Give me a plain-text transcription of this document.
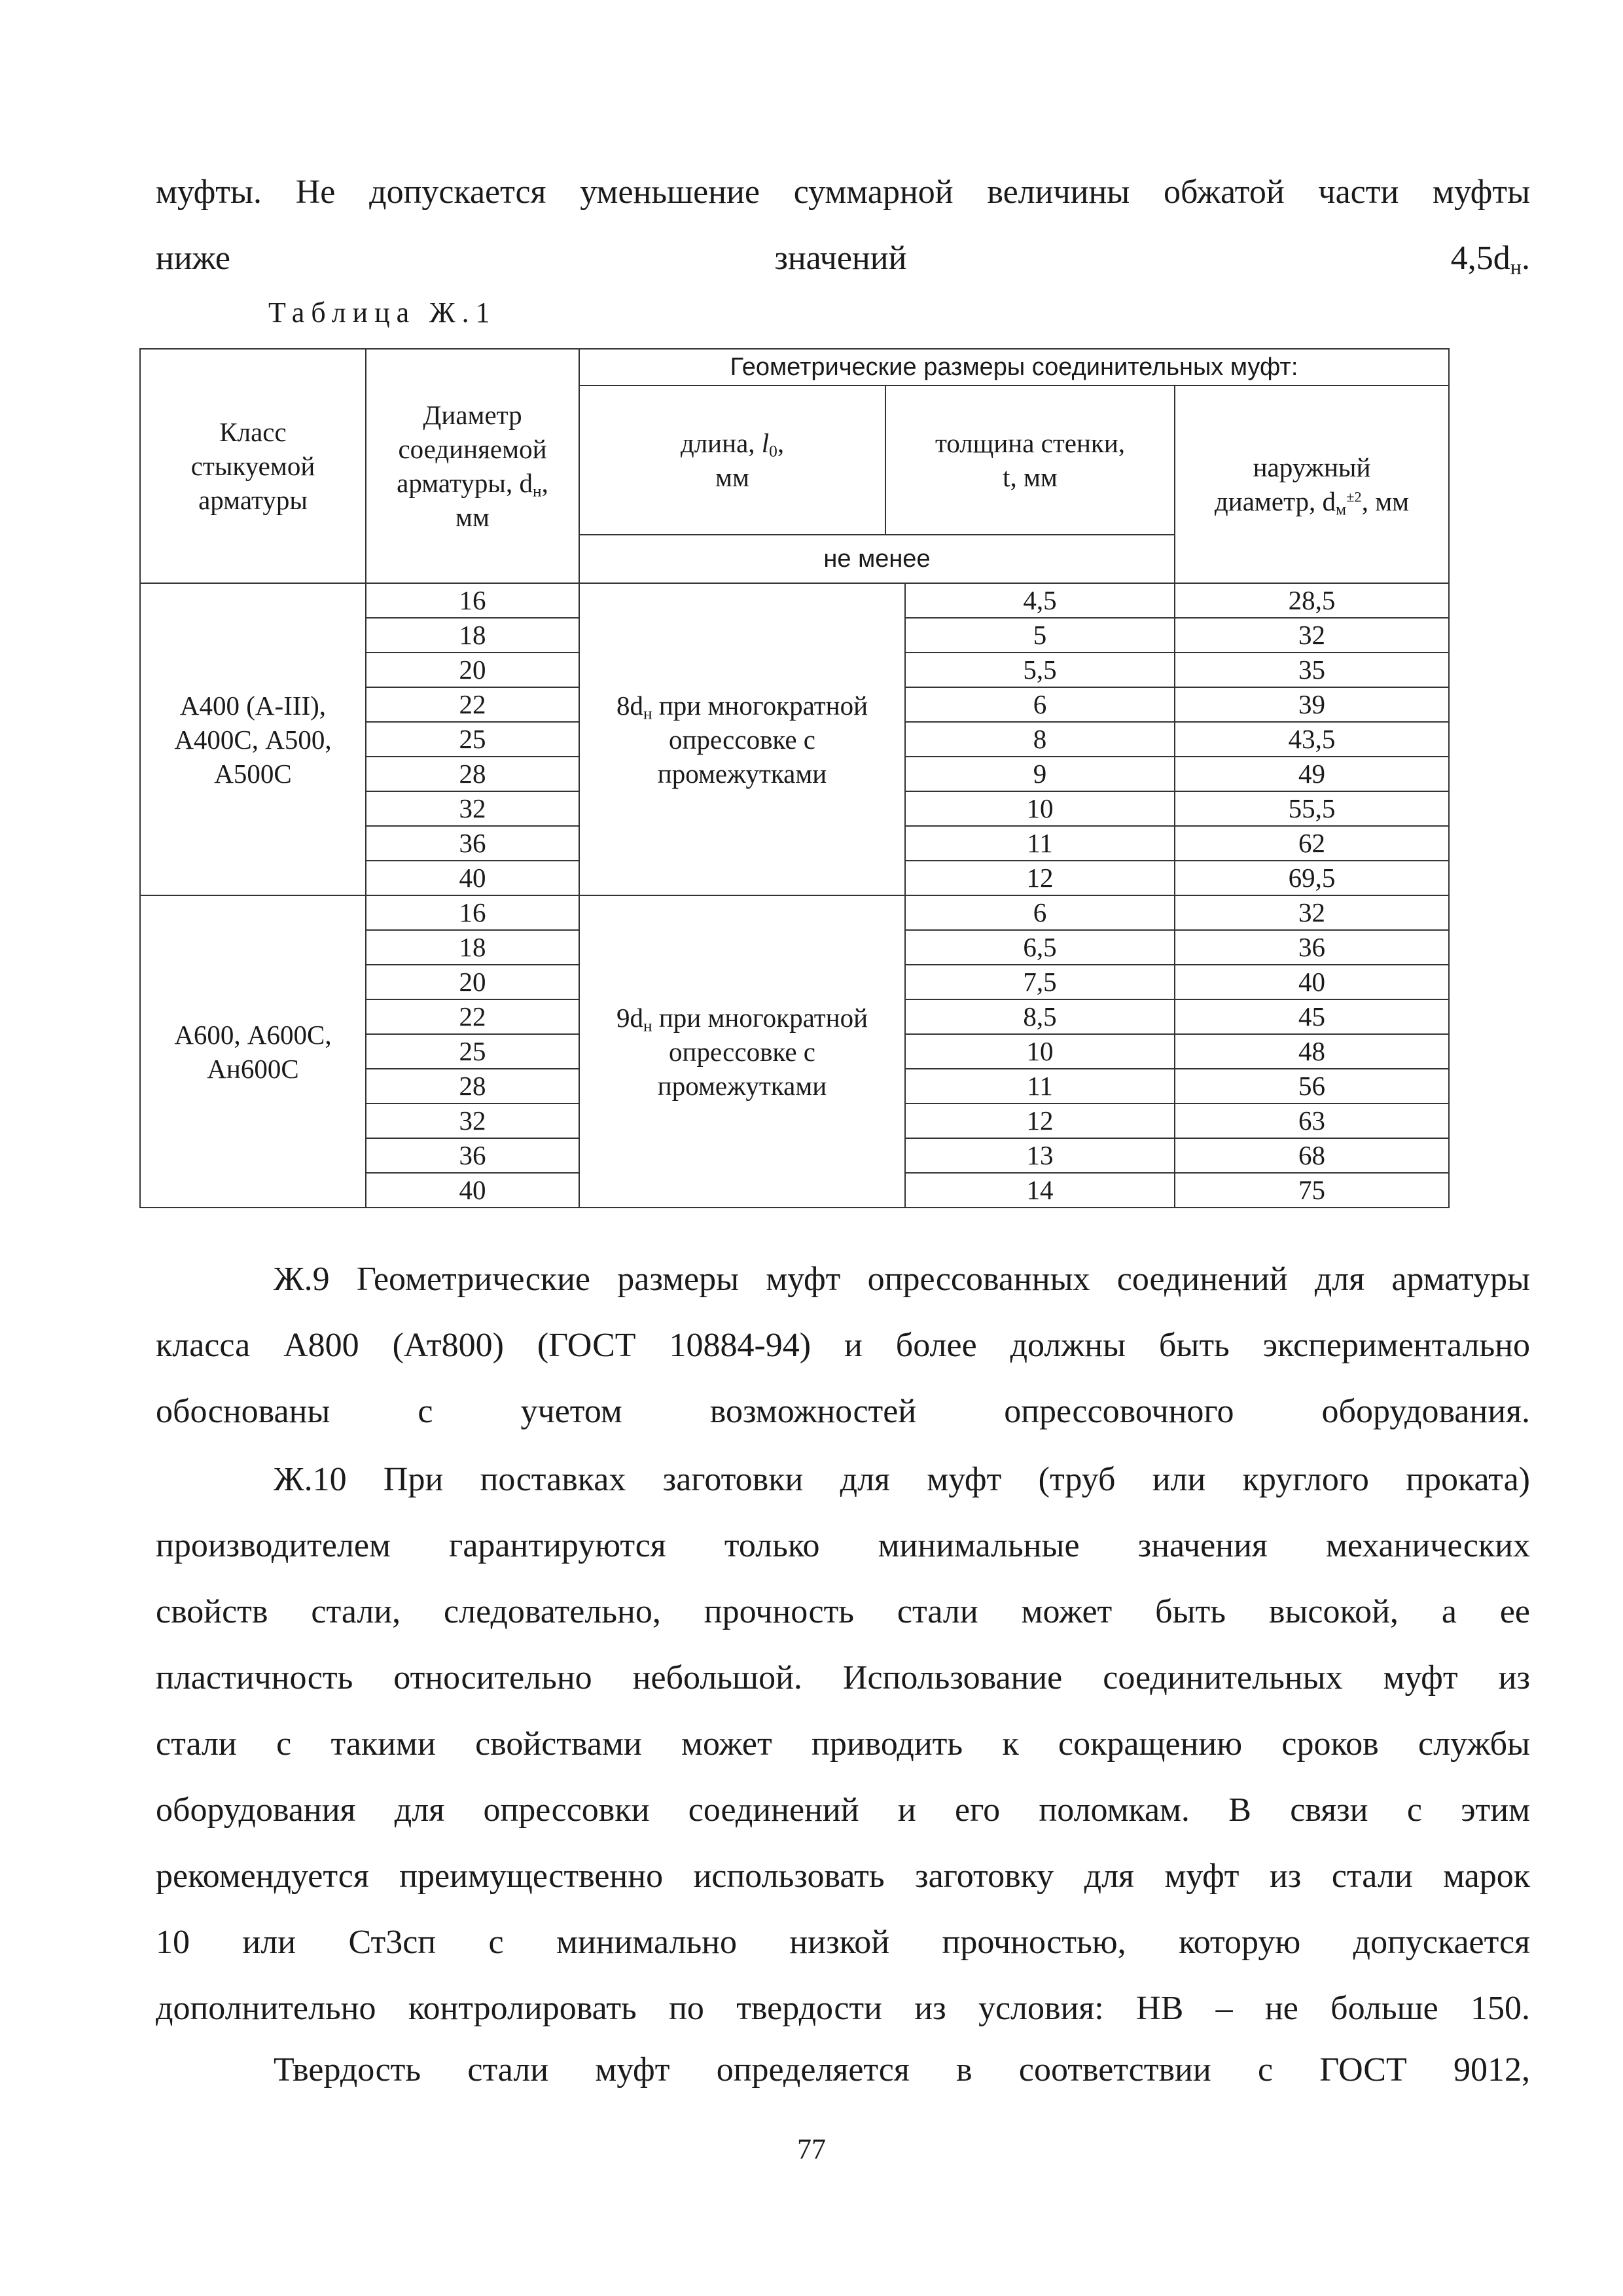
муфты. Не допускается уменьшение суммарной величины обжатой части муфты
ниже значений $4,5d_н$.
Таблица Ж.1
Класс
стыкуемой
арматуры	Диаметр
соединяемой
арматуры, $d_н$,
мм	Геометрические размеры соединительных муфт:			
		длина, $l_0$,
мм	толщина стенки,
t, мм		наружный
диаметр, $d_м^{\pm 2}$, мм
		не менее			
А400 (А-III),
А400С, А500,
А500С	16	$8d_н$ при многократной
опрессовке с
промежутками		4,5	28,5
	18			5	32
	20			5,5	35
	22			6	39
	25			8	43,5
	28			9	49
	32			10	55,5
	36			11	62
	40			12	69,5
А600, А600С,
Ан600С	16	$9d_н$ при многократной
опрессовке с
промежутками		6	32
	18			6,5	36
	20			7,5	40
	22			8,5	45
	25			10	48
	28			11	56
	32			12	63
	36			13	68
	40			14	75
Ж.9 Геометрические размеры муфт опрессованных соединений для арматуры
класса А800 (Ат800) (ГОСТ 10884-94) и более должны быть экспериментально
обоснованы с учетом возможностей опрессовочного оборудования.
Ж.10 При поставках заготовки для муфт (труб или круглого проката)
производителем гарантируются только минимальные значения механических
свойств стали, следовательно, прочность стали может быть высокой, а ее
пластичность относительно небольшой. Использование соединительных муфт из
стали с такими свойствами может приводить к сокращению сроков службы
оборудования для опрессовки соединений и его поломкам. В связи с этим
рекомендуется преимущественно использовать заготовку для муфт из стали марок
10 или Ст3сп с минимально низкой прочностью, которую допускается
дополнительно контролировать по твердости из условия: НВ – не больше 150.
Твердость стали муфт определяется в соответствии с ГОСТ 9012,
77
